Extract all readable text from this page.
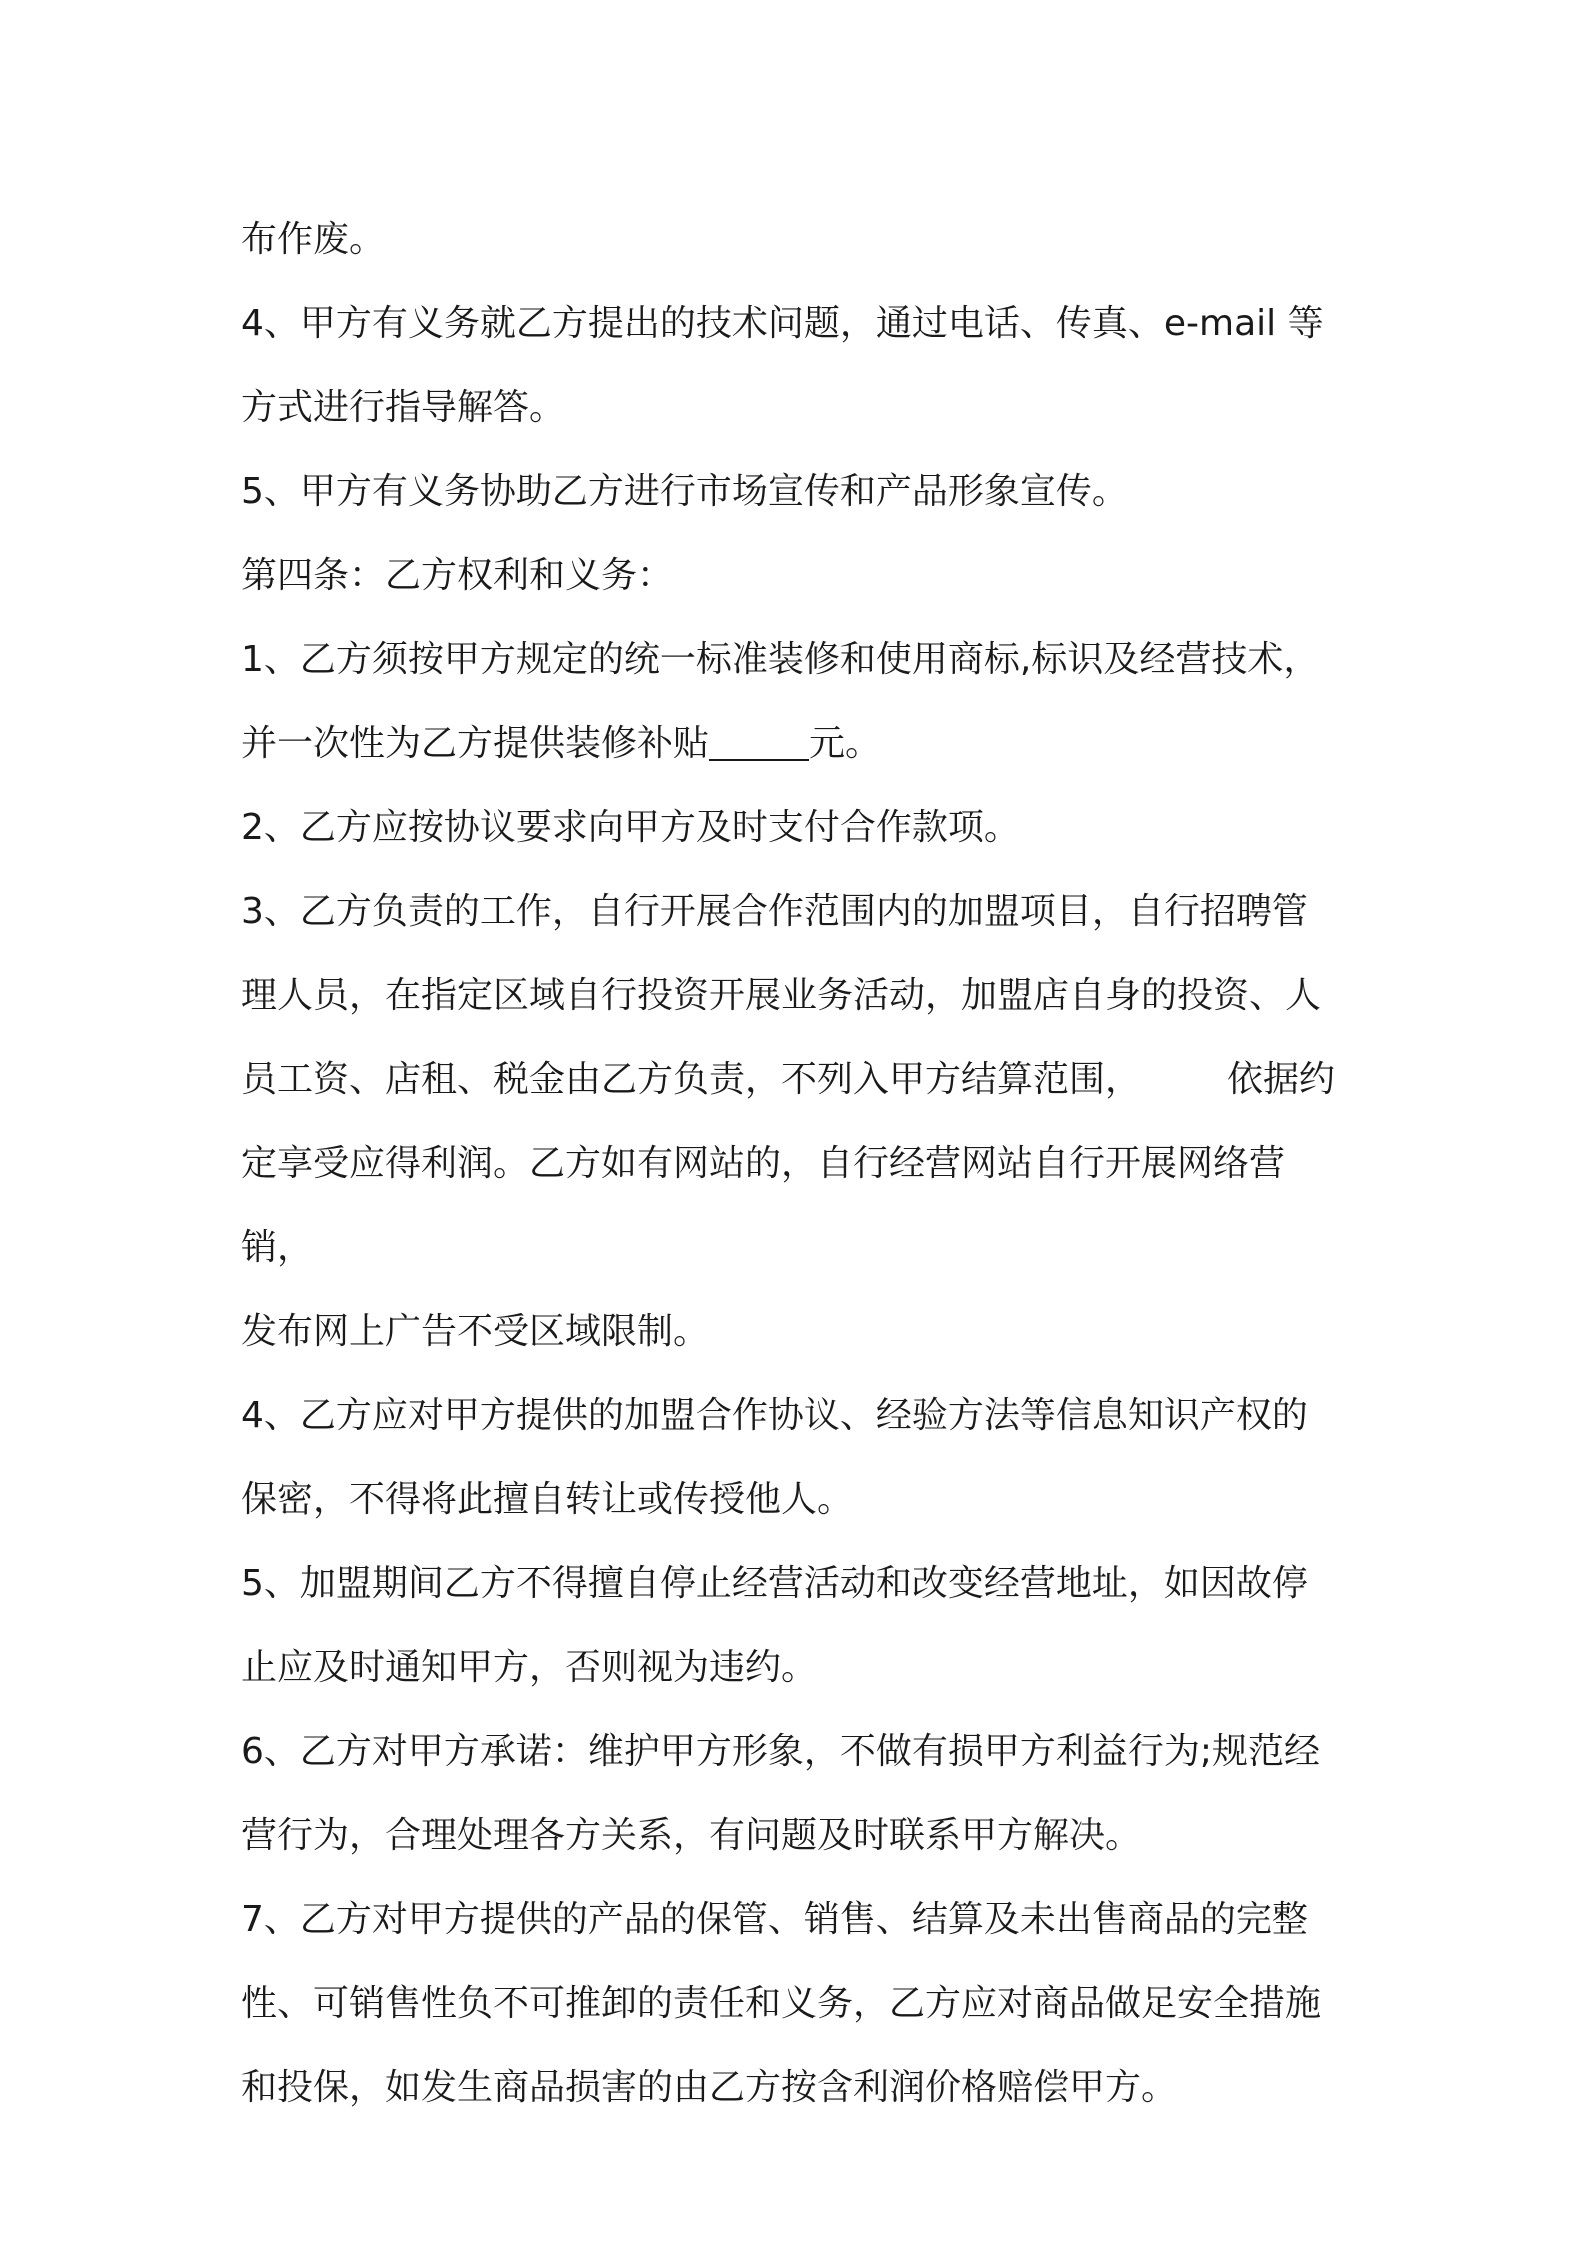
布作废。

4、甲方有义务就乙方提出的技术问题，通过电话、传真、e-mail 等

方式进行指导解答。

5、甲方有义务协助乙方进行市场宣传和产品形象宣传。

第四条：乙方权利和义务：

1、乙方须按甲方规定的统一标准装修和使用商标,标识及经营技术，

并一次性为乙方提供装修补贴	元。

2、乙方应按协议要求向甲方及时支付合作款项。

3、乙方负责的工作，自行开展合作范围内的加盟项目，自行招聘管

理人员，在指定区域自行投资开展业务活动，加盟店自身的投资、人

员工资、店租、税金由乙方负责，不列入甲方结算范围， 依据约

定享受应得利润。乙方如有网站的，自行经营网站自行开展网络营销，

发布网上广告不受区域限制。

4、乙方应对甲方提供的加盟合作协议、经验方法等信息知识产权的

保密，不得将此擅自转让或传授他人。

5、加盟期间乙方不得擅自停止经营活动和改变经营地址，如因故停

止应及时通知甲方，否则视为违约。

6、乙方对甲方承诺：维护甲方形象，不做有损甲方利益行为;规范经

营行为，合理处理各方关系，有问题及时联系甲方解决。

7、乙方对甲方提供的产品的保管、销售、结算及未出售商品的完整

性、可销售性负不可推卸的责任和义务，乙方应对商品做足安全措施

和投保，如发生商品损害的由乙方按含利润价格赔偿甲方。
